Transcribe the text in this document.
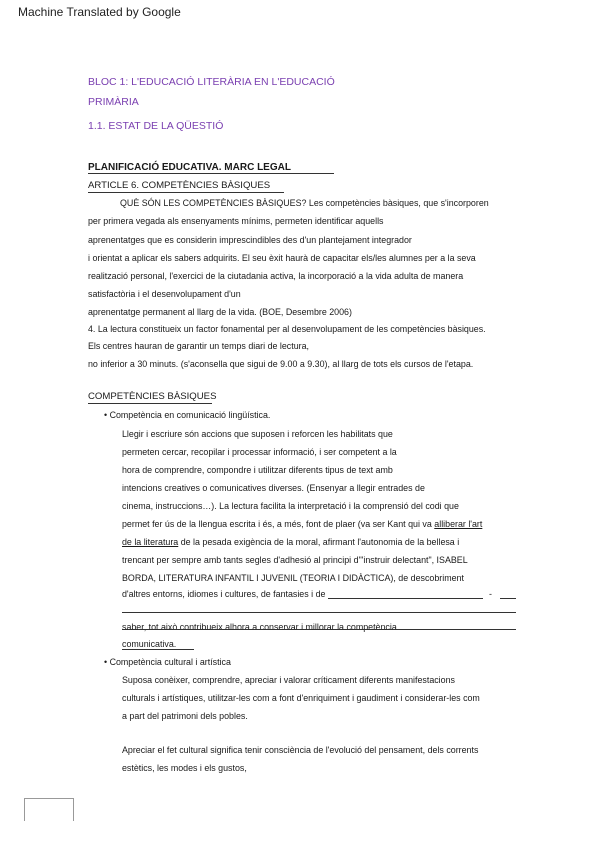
Machine Translated by Google
BLOC 1: L'EDUCACIÓ LITERÀRIA EN L'EDUCACIÓ
PRIMÀRIA
1.1. ESTAT DE LA QÜESTIÓ
PLANIFICACIÓ EDUCATIVA. MARC LEGAL
ARTICLE 6. COMPETÈNCIES BÀSIQUES
QUÈ SÓN LES COMPETÈNCIES BÀSIQUES? Les competències bàsiques, que s'incorporen
per primera vegada als ensenyaments mínims, permeten identificar aquells
aprenentatges que es considerin imprescindibles des d'un plantejament integrador
i orientat a aplicar els sabers adquirits. El seu èxit haurà de capacitar els/les alumnes per a la seva
realització personal, l'exercici de la ciutadania activa, la incorporació a la vida adulta de manera
satisfactòria i el desenvolupament d'un
aprenentatge permanent al llarg de la vida. (BOE, Desembre 2006)
4. La lectura constitueix un factor fonamental per al desenvolupament de les competències bàsiques.
Els centres hauran de garantir un temps diari de lectura,
no inferior a 30 minuts. (s'aconsella que sigui de 9.00 a 9.30), al llarg de tots els cursos de l'etapa.
COMPETÈNCIES BÀSIQUES
• Competència en comunicació lingüística.
Llegir i escriure són accions que suposen i reforcen les habilitats que
permeten cercar, recopilar i processar informació, i ser competent a la
hora de comprendre, compondre i utilitzar diferents tipus de text amb
intencions creatives o comunicatives diverses. (Ensenyar a llegir entrades de
cinema, instruccions…). La lectura facilita la interpretació i la comprensió del codi que
permet fer ús de la llengua escrita i és, a més, font de plaer (va ser Kant qui va alliberar l'art
de la literatura de la pesada exigència de la moral, afirmant l'autonomia de la bellesa i
trencant per sempre amb tants segles d'adhesió al principi d'"instruir delectant", ISABEL
BORDA, LITERATURA INFANTIL I JUVENIL (TEORIA I DIDÀCTICA), de descobriment
d'altres entorns, idiomes i cultures, de fantasies i de	-
saber, tot això contribueix alhora a conservar i millorar la competència
comunicativa.
• Competència cultural i artística
Suposa conèixer, comprendre, apreciar i valorar críticament diferents manifestacions
culturals i artístiques, utilitzar-les com a font d'enriquiment i gaudiment i considerar-les com
a part del patrimoni dels pobles.
Apreciar el fet cultural significa tenir consciència de l'evolució del pensament, dels corrents
estètics, les modes i els gustos,
